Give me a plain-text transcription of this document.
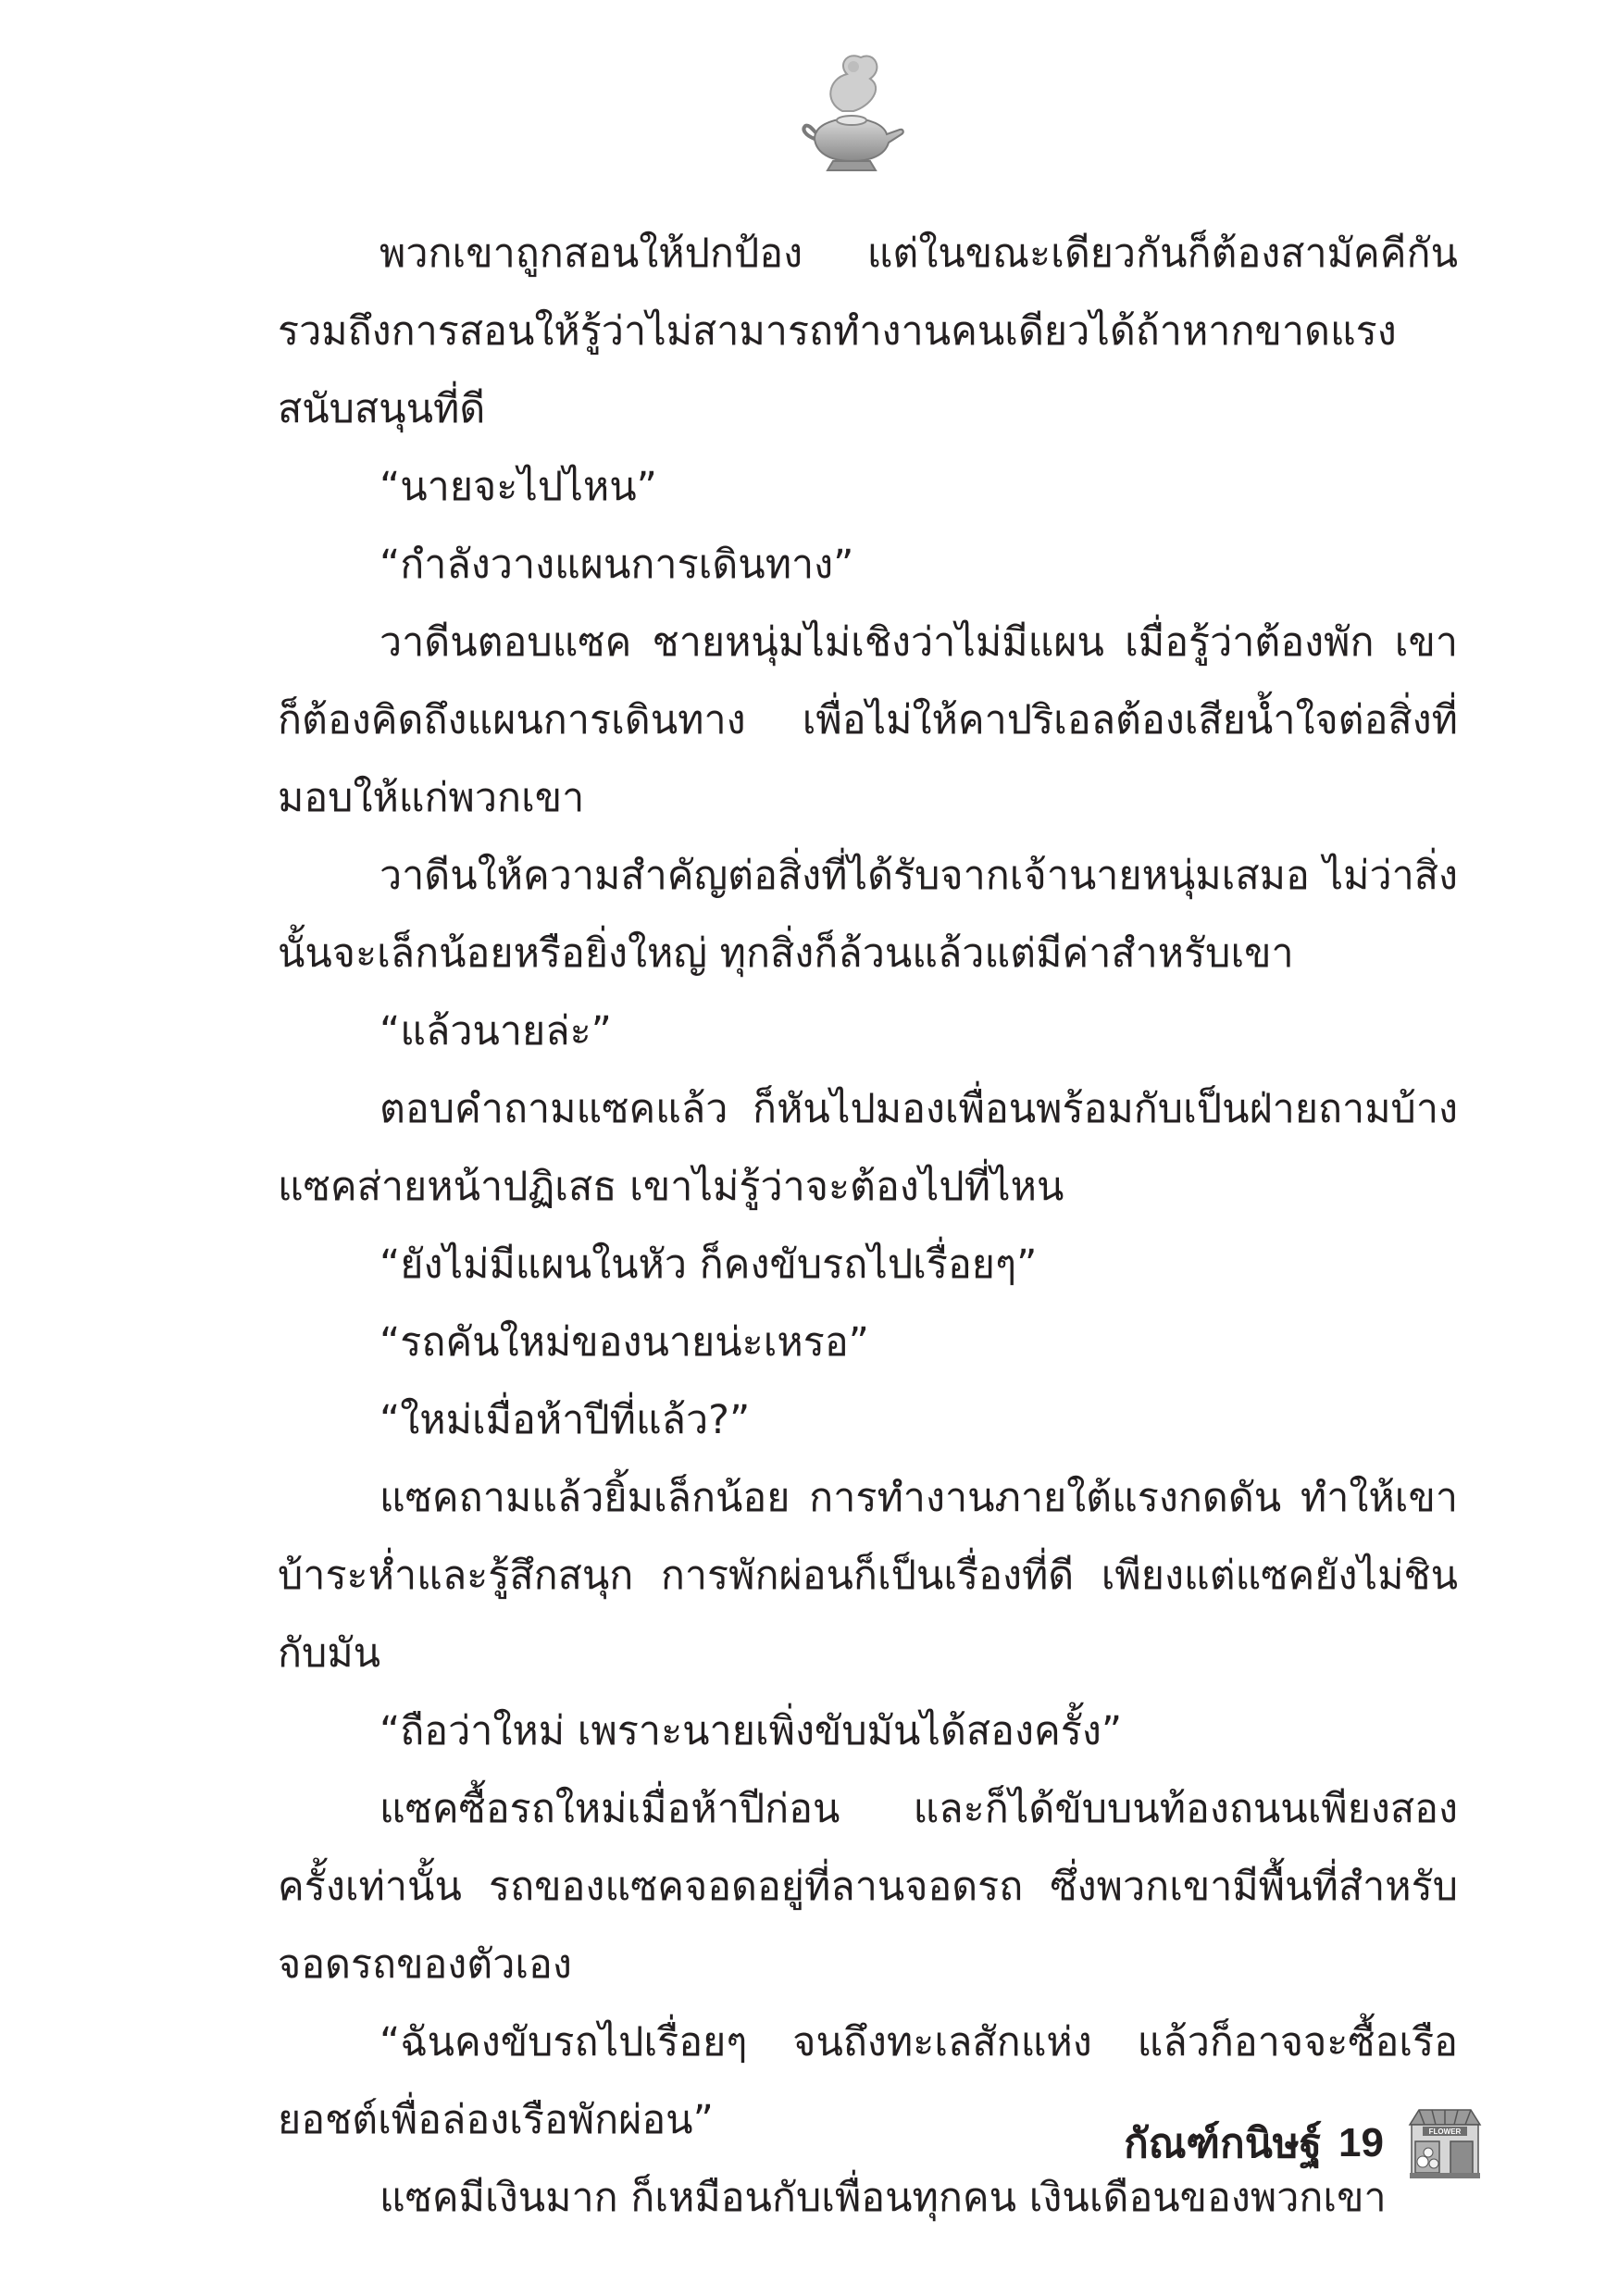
พวกเขาถูกสอนให้ปกป้อง แต่ในขณะเดียวกันก็ต้องสามัคคีกัน รวมถึงการสอนให้รู้ว่าไม่สามารถทำงานคนเดียวได้ถ้าหากขาดแรงสนับสนุนที่ดี

“นายจะไปไหน”

“กำลังวางแผนการเดินทาง”

วาดีนตอบแซค ชายหนุ่มไม่เชิงว่าไม่มีแผน เมื่อรู้ว่าต้องพัก เขาก็ต้องคิดถึงแผนการเดินทาง เพื่อไม่ให้คาปริเอลต้องเสียน้ำใจต่อสิ่งที่มอบให้แก่พวกเขา

วาดีนให้ความสำคัญต่อสิ่งที่ได้รับจากเจ้านายหนุ่มเสมอ ไม่ว่าสิ่งนั้นจะเล็กน้อยหรือยิ่งใหญ่ ทุกสิ่งก็ล้วนแล้วแต่มีค่าสำหรับเขา

“แล้วนายล่ะ”

ตอบคำถามแซคแล้ว ก็หันไปมองเพื่อนพร้อมกับเป็นฝ่ายถามบ้าง แซคส่ายหน้าปฏิเสธ เขาไม่รู้ว่าจะต้องไปที่ไหน

“ยังไม่มีแผนในหัว ก็คงขับรถไปเรื่อยๆ”

“รถคันใหม่ของนายน่ะเหรอ”

“ใหม่เมื่อห้าปีที่แล้ว?”

แซคถามแล้วยิ้มเล็กน้อย การทำงานภายใต้แรงกดดัน ทำให้เขาบ้าระห่ำและรู้สึกสนุก การพักผ่อนก็เป็นเรื่องที่ดี เพียงแต่แซคยังไม่ชินกับมัน

“ถือว่าใหม่ เพราะนายเพิ่งขับมันได้สองครั้ง”

แซคซื้อรถใหม่เมื่อห้าปีก่อน และก็ได้ขับบนท้องถนนเพียงสองครั้งเท่านั้น รถของแซคจอดอยู่ที่ลานจอดรถ ซึ่งพวกเขามีพื้นที่สำหรับจอดรถของตัวเอง

“ฉันคงขับรถไปเรื่อยๆ จนถึงทะเลสักแห่ง แล้วก็อาจจะซื้อเรือยอชต์เพื่อล่องเรือพักผ่อน”

แซคมีเงินมาก ก็เหมือนกับเพื่อนทุกคน เงินเดือนของพวกเขา

กัณฑ์กนิษฐ์ 19	FLOWER
